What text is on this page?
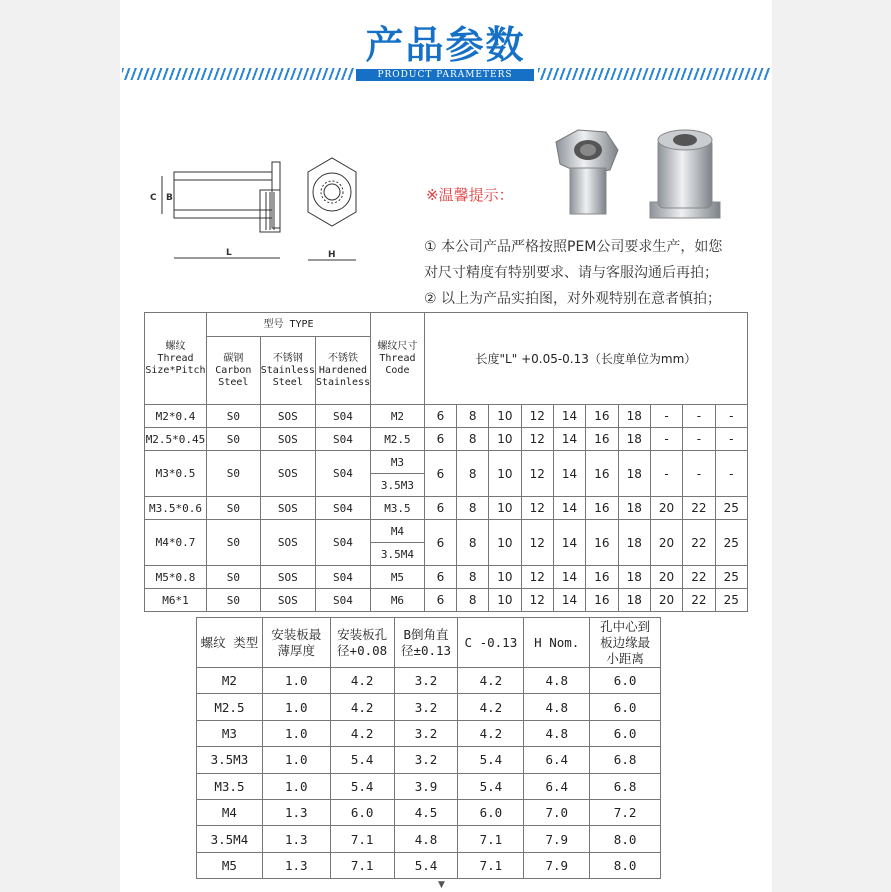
产品参数
PRODUCT PARAMETERS
C B
L	H
※温馨提示：
① 本公司产品严格按照PEM公司要求生产，如您
对尺寸精度有特别要求、请与客服沟通后再拍；
② 以上为产品实拍图，对外观特别在意者慎拍；
螺纹 Thread Size*Pitch	型号 TYPE			螺纹尺寸 Thread Code	长度"L" +0.05-0.13（长度单位为mm）									
	碳钢 Carbon Steel	不锈钢 Stainless Steel	不锈铁 Hardened Stainless											
M2*0.4	S0	SOS	S04	M2	6	8	10	12	14	16	18	-	-	-
M2.5*0.45	S0	SOS	S04	M2.5	6	8	10	12	14	16	18	-	-	-
M3*0.5	S0	SOS	S04	M3	6	8	10	12	14	16	18	-	-	-
				3.5M3										
M3.5*0.6	S0	SOS	S04	M3.5	6	8	10	12	14	16	18	20	22	25
M4*0.7	S0	SOS	S04	M4	6	8	10	12	14	16	18	20	22	25
				3.5M4										
M5*0.8	S0	SOS	S04	M5	6	8	10	12	14	16	18	20	22	25
M6*1	S0	SOS	S04	M6	6	8	10	12	14	16	18	20	22	25
螺纹 类型	安装板最 薄厚度	安装板孔 径+0.08	B倒角直 径±0.13	C -0.13	H Nom.	孔中心到 板边缘最 小距离
M2	1.0	4.2	3.2	4.2	4.8	6.0
M2.5	1.0	4.2	3.2	4.2	4.8	6.0
M3	1.0	4.2	3.2	4.2	4.8	6.0
3.5M3	1.0	5.4	3.2	5.4	6.4	6.8
M3.5	1.0	5.4	3.9	5.4	6.4	6.8
M4	1.3	6.0	4.5	6.0	7.0	7.2
3.5M4	1.3	7.1	4.8	7.1	7.9	8.0
M5	1.3	7.1	5.4	7.1	7.9	8.0
▼
